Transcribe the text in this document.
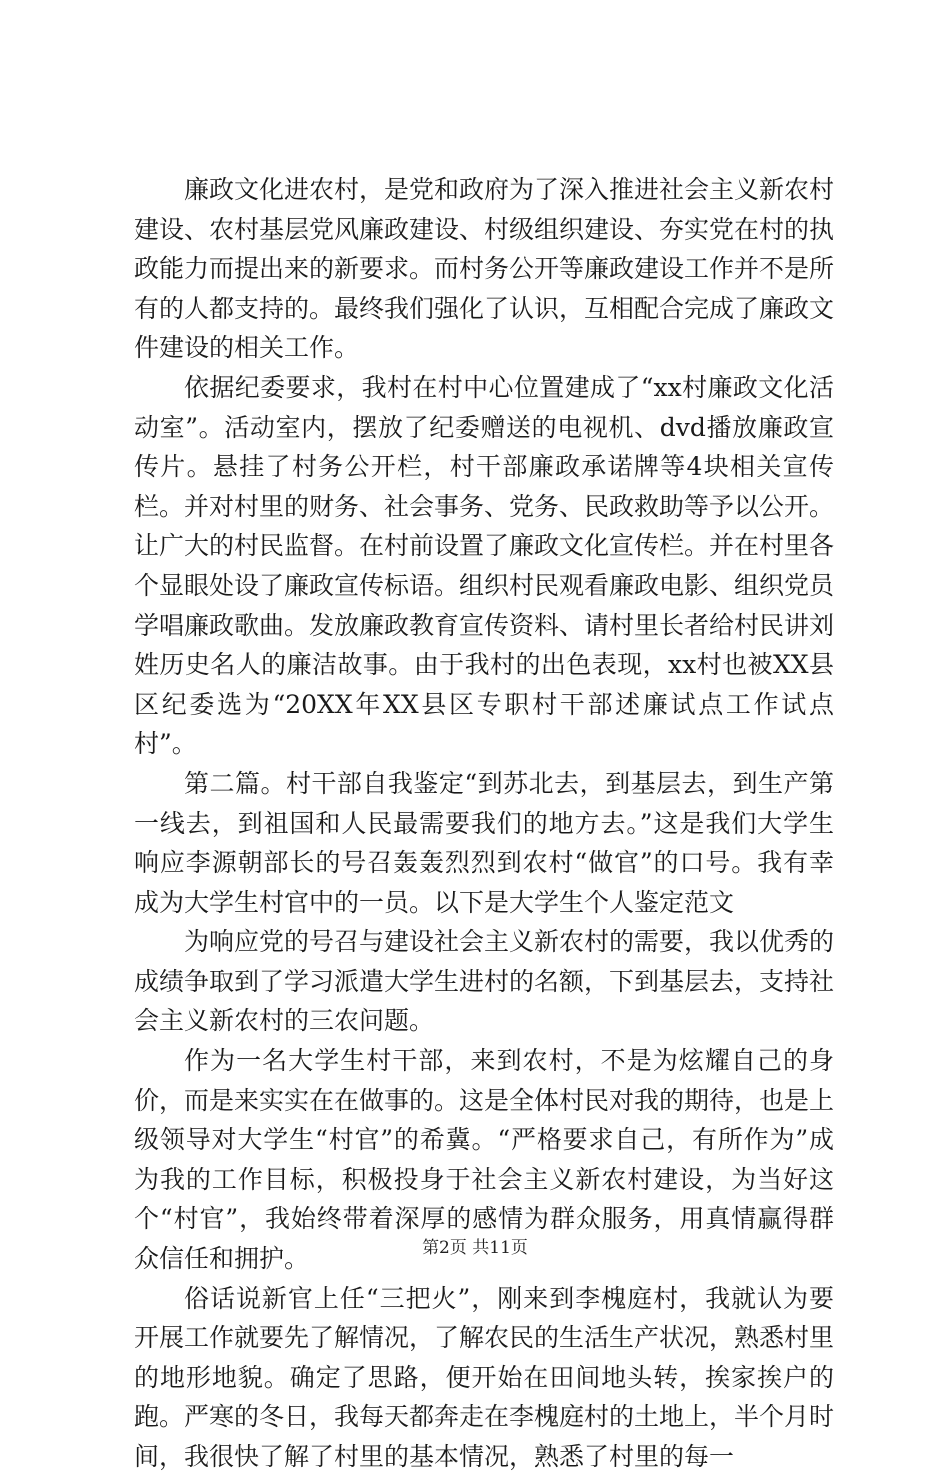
廉政文化进农村，是党和政府为了深入推进社会主义新农村建设、农村基层党风廉政建设、村级组织建设、夯实党在村的执政能力而提出来的新要求。而村务公开等廉政建设工作并不是所有的人都支持的。最终我们强化了认识，互相配合完成了廉政文件建设的相关工作。

依据纪委要求，我村在村中心位置建成了“xx村廉政文化活动室”。活动室内，摆放了纪委赠送的电视机、dvd播放廉政宣传片。悬挂了村务公开栏，村干部廉政承诺牌等4块相关宣传栏。并对村里的财务、社会事务、党务、民政救助等予以公开。让广大的村民监督。在村前设置了廉政文化宣传栏。并在村里各个显眼处设了廉政宣传标语。组织村民观看廉政电影、组织党员学唱廉政歌曲。发放廉政教育宣传资料、请村里长者给村民讲刘姓历史名人的廉洁故事。由于我村的出色表现，xx村也被XX县区纪委选为“20XX年XX县区专职村干部述廉试点工作试点村”。

第二篇。村干部自我鉴定“到苏北去，到基层去，到生产第一线去，到祖国和人民最需要我们的地方去。”这是我们大学生响应李源朝部长的号召轰轰烈烈到农村“做官”的口号。我有幸成为大学生村官中的一员。以下是大学生个人鉴定范文

为响应党的号召与建设社会主义新农村的需要，我以优秀的成绩争取到了学习派遣大学生进村的名额，下到基层去，支持社会主义新农村的三农问题。

作为一名大学生村干部，来到农村，不是为炫耀自己的身价，而是来实实在在做事的。这是全体村民对我的期待，也是上级领导对大学生“村官”的希冀。“严格要求自己，有所作为”成为我的工作目标，积极投身于社会主义新农村建设，为当好这个“村官”，我始终带着深厚的感情为群众服务，用真情赢得群众信任和拥护。

俗话说新官上任“三把火”，刚来到李槐庭村，我就认为要开展工作就要先了解情况，了解农民的生活生产状况，熟悉村里的地形地貌。确定了思路，便开始在田间地头转，挨家挨户的跑。严寒的冬日，我每天都奔走在李槐庭村的土地上，半个月时间，我很快了解了村里的基本情况，熟悉了村里的每一

第2页 共11页
